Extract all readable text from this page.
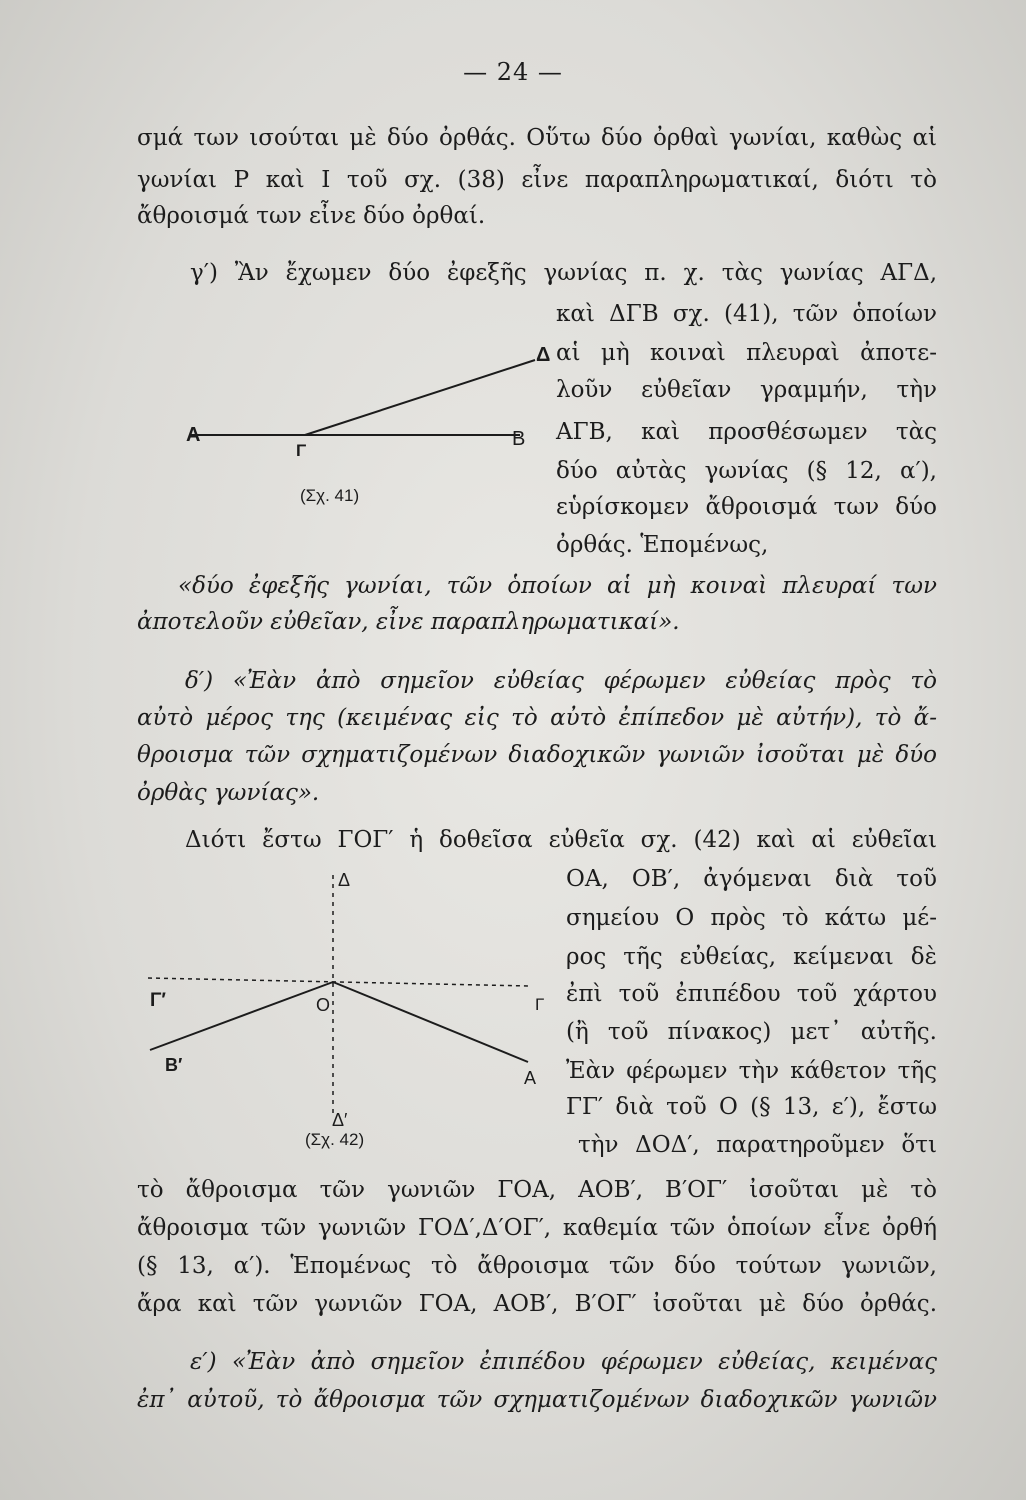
— 24 —
σμά των ισούται μὲ δύο ὀρθάς. Οὕτω δύο ὀρθαὶ γωνίαι, καθὼς αἱ
γωνίαι Ρ καὶ Ι τοῦ σχ. (38) εἶνε παραπληρωματικαί, διότι τὸ
ἄθροισμά των εἶνε δύο ὀρθαί.
γ′) Ἂν ἔχωμεν δύο ἐφεξῆς γωνίας π. χ. τὰς γωνίας ΑΓΔ,
καὶ ΔΓΒ σχ. (41), τῶν ὁποίων
αἱ μὴ κοιναὶ πλευραὶ ἀποτε-
λοῦν εὐθεῖαν γραμμήν, τὴν
ΑΓΒ, καὶ προσθέσωμεν τὰς
δύο αὐτὰς γωνίας (§ 12, α′),
εὑρίσκομεν ἄθροισμά των δύο
ὀρθάς. Ἑπομένως,
«δύο ἐφεξῆς γωνίαι, τῶν ὁποίων αἱ μὴ κοιναὶ πλευραί των
ἀποτελοῦν εὐθεῖαν, εἶνε παραπληρωματικαί».
Α
Γ
Β
Δ
(Σχ. 41)
δ′) «Ἐὰν ἀπὸ σημεῖον εὐθείας φέρωμεν εὐθείας πρὸς τὸ
αὐτὸ μέρος της (κειμένας εἰς τὸ αὐτὸ ἐπίπεδον μὲ αὐτήν), τὸ ἄ-
θροισμα τῶν σχηματιζομένων διαδοχικῶν γωνιῶν ἰσοῦται μὲ δύο
ὀρθὰς γωνίας».
Διότι ἔστω ΓΟΓ′ ἡ δοθεῖσα εὐθεῖα σχ. (42) καὶ αἱ εὐθεῖαι
ΟΑ, ΟΒ′, ἀγόμεναι διὰ τοῦ
σημείου Ο πρὸς τὸ κάτω μέ-
ρος τῆς εὐθείας, κείμεναι δὲ
ἐπὶ τοῦ ἐπιπέδου τοῦ χάρτου
(ἢ τοῦ πίνακος) μετ᾽ αὐτῆς.
Ἐὰν φέρωμεν τὴν κάθετον τῆς
ΓΓ′ διὰ τοῦ Ο (§ 13, ε′), ἔστω
τὴν ΔΟΔ′, παρατηροῦμεν ὅτι
Δ
Γ′	Ο	Γ
Β′
Α
Δ′
(Σχ. 42)
τὸ ἄθροισμα τῶν γωνιῶν ΓΟΑ, ΑΟΒ′, Β′ΟΓ′ ἰσοῦται μὲ τὸ
ἄθροισμα τῶν γωνιῶν ΓΟΔ′,Δ′ΟΓ′, καθεμία τῶν ὁποίων εἶνε ὀρθή
(§ 13, α′). Ἑπομένως τὸ ἄθροισμα τῶν δύο τούτων γωνιῶν,
ἄρα καὶ τῶν γωνιῶν ΓΟΑ, ΑΟΒ′, Β′ΟΓ′ ἰσοῦται μὲ δύο ὀρθάς.
ε′) «Ἐὰν ἀπὸ σημεῖον ἐπιπέδου φέρωμεν εὐθείας, κειμένας
ἐπ᾽ αὐτοῦ, τὸ ἄθροισμα τῶν σχηματιζομένων διαδοχικῶν γωνιῶν
